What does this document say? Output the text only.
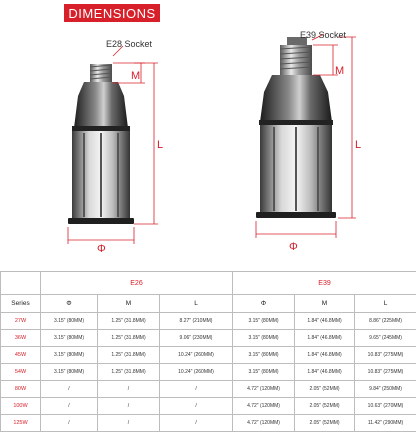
DIMENSIONS
E28 Socket
M
L
Φ
E39 Socket
M
L
Φ
	E26			E39		
Series	Φ	M	L	Φ	M	L
27W	3.15" (80MM)	1.25" (31.8MM)	8.27" (210MM)	3.15" (80MM)	1.84" (46.8MM)	8.86" (225MM)
36W	3.15" (80MM)	1.25" (31.8MM)	9.06" (230MM)	3.15" (80MM)	1.84" (46.8MM)	9.65" (245MM)
45W	3.15" (80MM)	1.25" (31.8MM)	10.24" (260MM)	3.15" (80MM)	1.84" (46.8MM)	10.83" (275MM)
54W	3.15" (80MM)	1.25" (31.8MM)	10.24" (260MM)	3.15" (80MM)	1.84" (46.8MM)	10.83" (275MM)
80W	/	/	/	4.72" (120MM)	2.05" (52MM)	9.84" (250MM)
100W	/	/	/	4.72" (120MM)	2.05" (52MM)	10.63" (270MM)
125W	/	/	/	4.72" (120MM)	2.05" (52MM)	11.42" (290MM)
